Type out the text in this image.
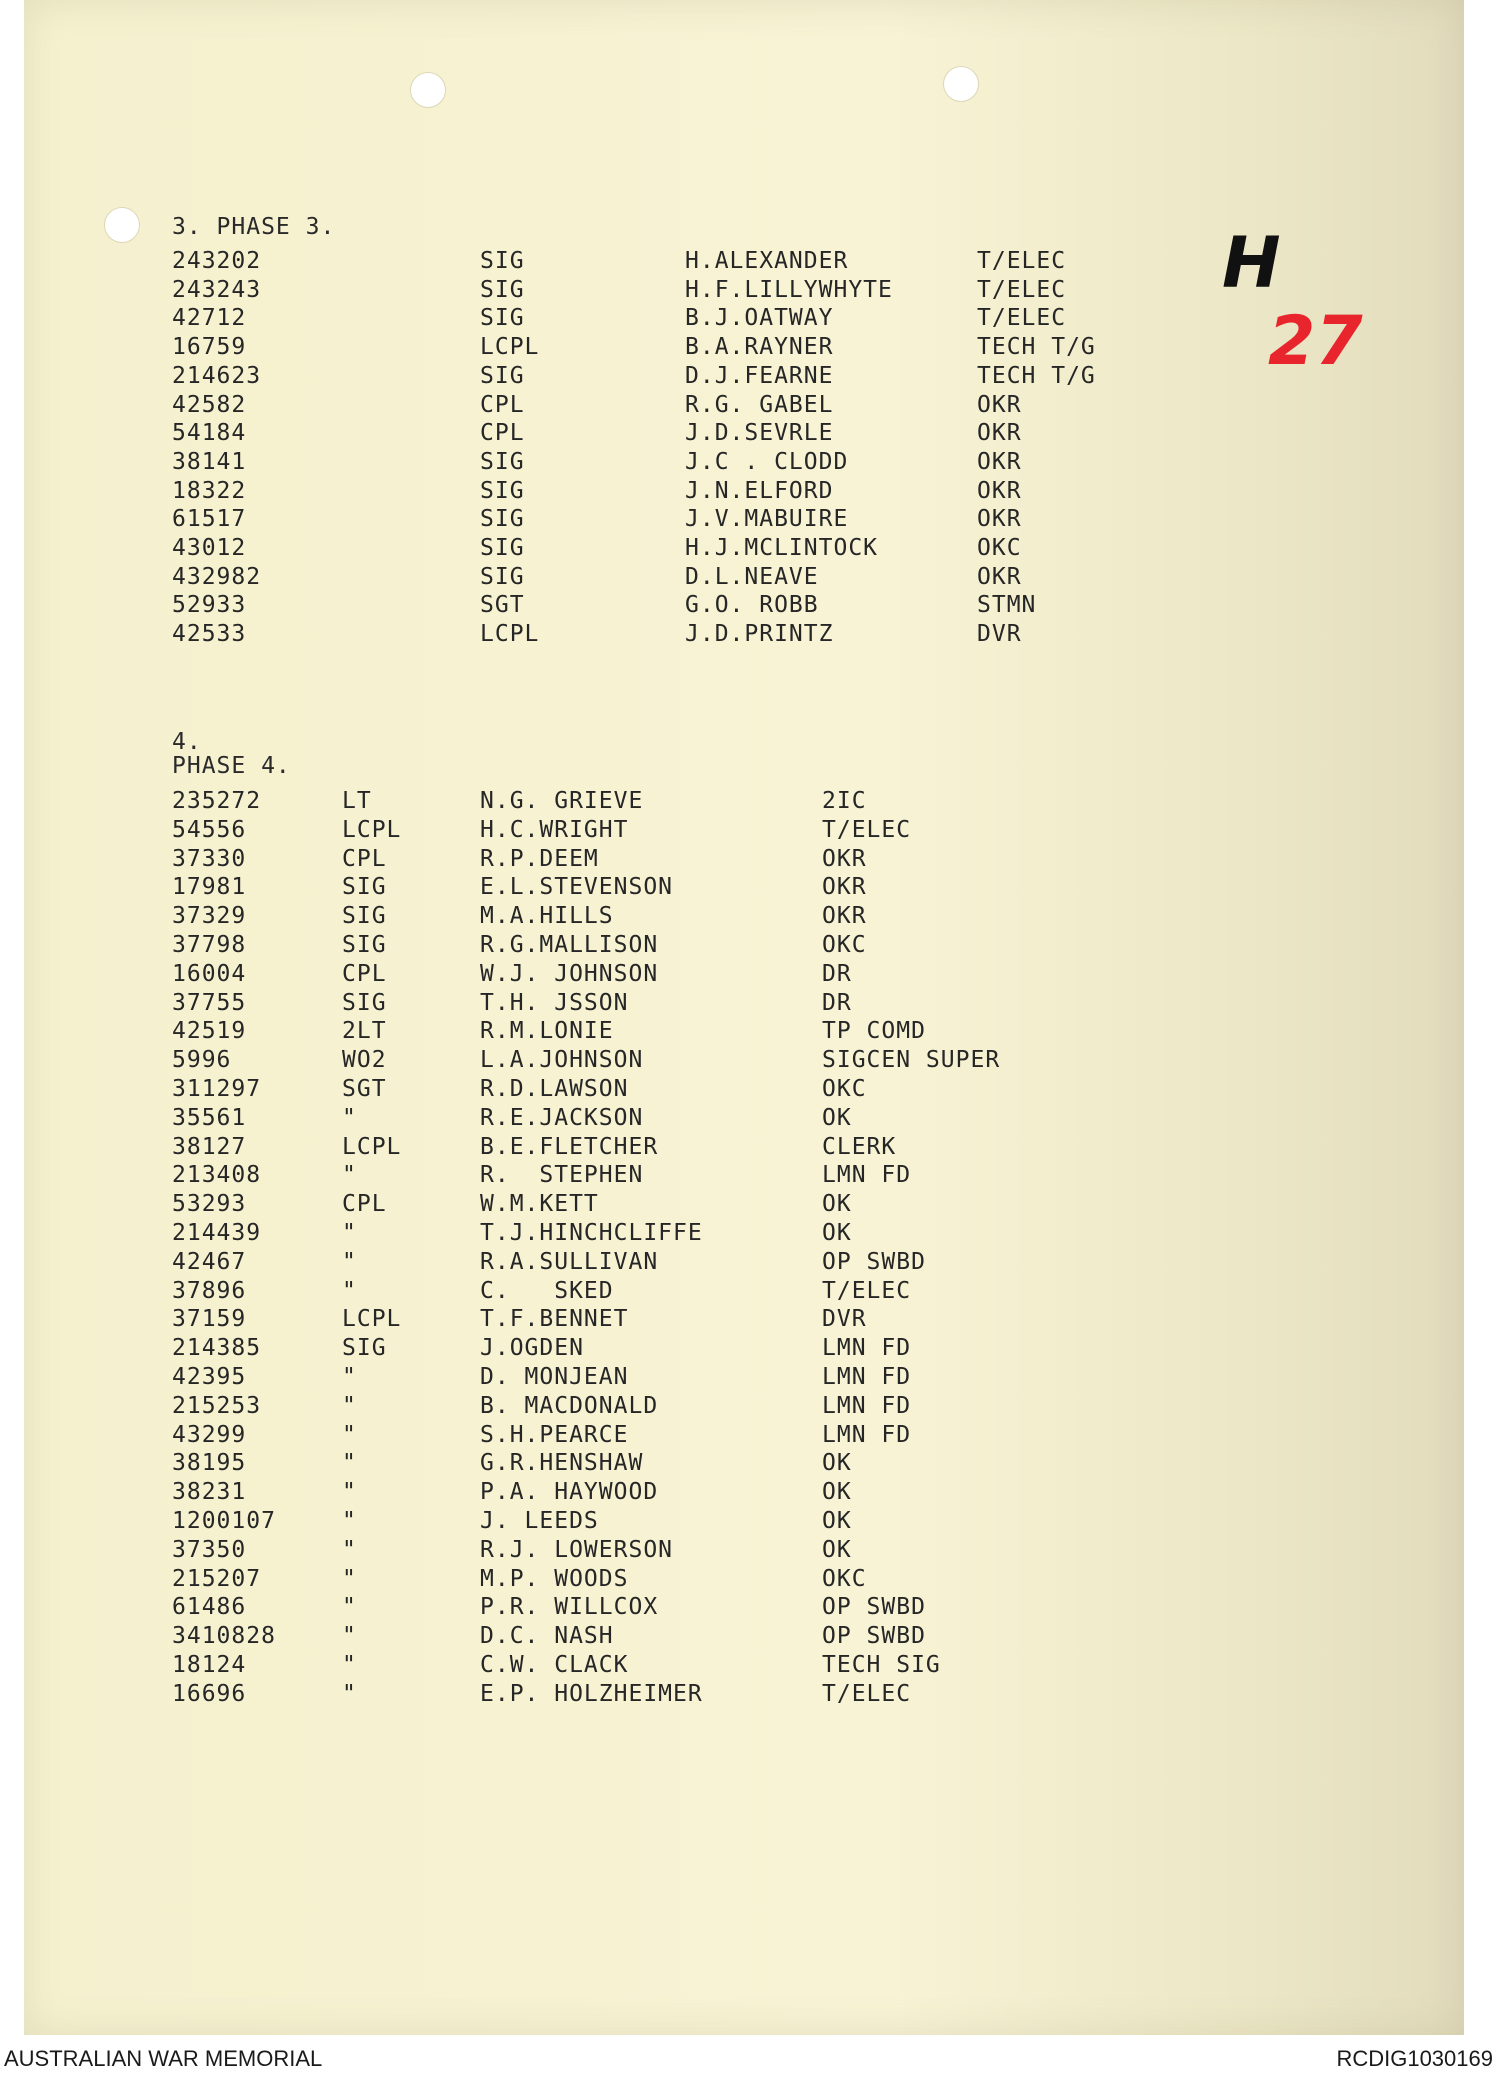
H
27
3. PHASE 3.
243202	SIG	H.ALEXANDER	T/ELEC
243243	SIG	H.F.LILLYWHYTE	T/ELEC
42712	SIG	B.J.OATWAY	T/ELEC
16759	LCPL	B.A.RAYNER	TECH T/G
214623	SIG	D.J.FEARNE	TECH T/G
42582	CPL	R.G. GABEL	OKR
54184	CPL	J.D.SEVRLE	OKR
38141	SIG	J.C . CLODD	OKR
18322	SIG	J.N.ELFORD	OKR
61517	SIG	J.V.MABUIRE	OKR
43012	SIG	H.J.MCLINTOCK	OKC
432982	SIG	D.L.NEAVE	OKR
52933	SGT	G.O. ROBB	STMN
42533	LCPL	J.D.PRINTZ	DVR
4.
PHASE 4.
235272	LT	N.G. GRIEVE	2IC
54556	LCPL	H.C.WRIGHT	T/ELEC
37330	CPL	R.P.DEEM	OKR
17981	SIG	E.L.STEVENSON	OKR
37329	SIG	M.A.HILLS	OKR
37798	SIG	R.G.MALLISON	OKC
16004	CPL	W.J. JOHNSON	DR
37755	SIG	T.H. JSSON	DR
42519	2LT	R.M.LONIE	TP COMD
5996	WO2	L.A.JOHNSON	SIGCEN SUPER
311297	SGT	R.D.LAWSON	OKC
35561	"	R.E.JACKSON	OK
38127	LCPL	B.E.FLETCHER	CLERK
213408	"	R.  STEPHEN	LMN FD
53293	CPL	W.M.KETT	OK
214439	"	T.J.HINCHCLIFFE	OK
42467	"	R.A.SULLIVAN	OP SWBD
37896	"	C.   SKED	T/ELEC
37159	LCPL	T.F.BENNET	DVR
214385	SIG	J.OGDEN	LMN FD
42395	"	D. MONJEAN	LMN FD
215253	"	B. MACDONALD	LMN FD
43299	"	S.H.PEARCE	LMN FD
38195	"	G.R.HENSHAW	OK
38231	"	P.A. HAYWOOD	OK
1200107	"	J. LEEDS	OK
37350	"	R.J. LOWERSON	OK
215207	"	M.P. WOODS	OKC
61486	"	P.R. WILLCOX	OP SWBD
3410828	"	D.C. NASH	OP SWBD
18124	"	C.W. CLACK	TECH SIG
16696	"	E.P. HOLZHEIMER	T/ELEC
AUSTRALIAN WAR MEMORIAL	RCDIG1030169
